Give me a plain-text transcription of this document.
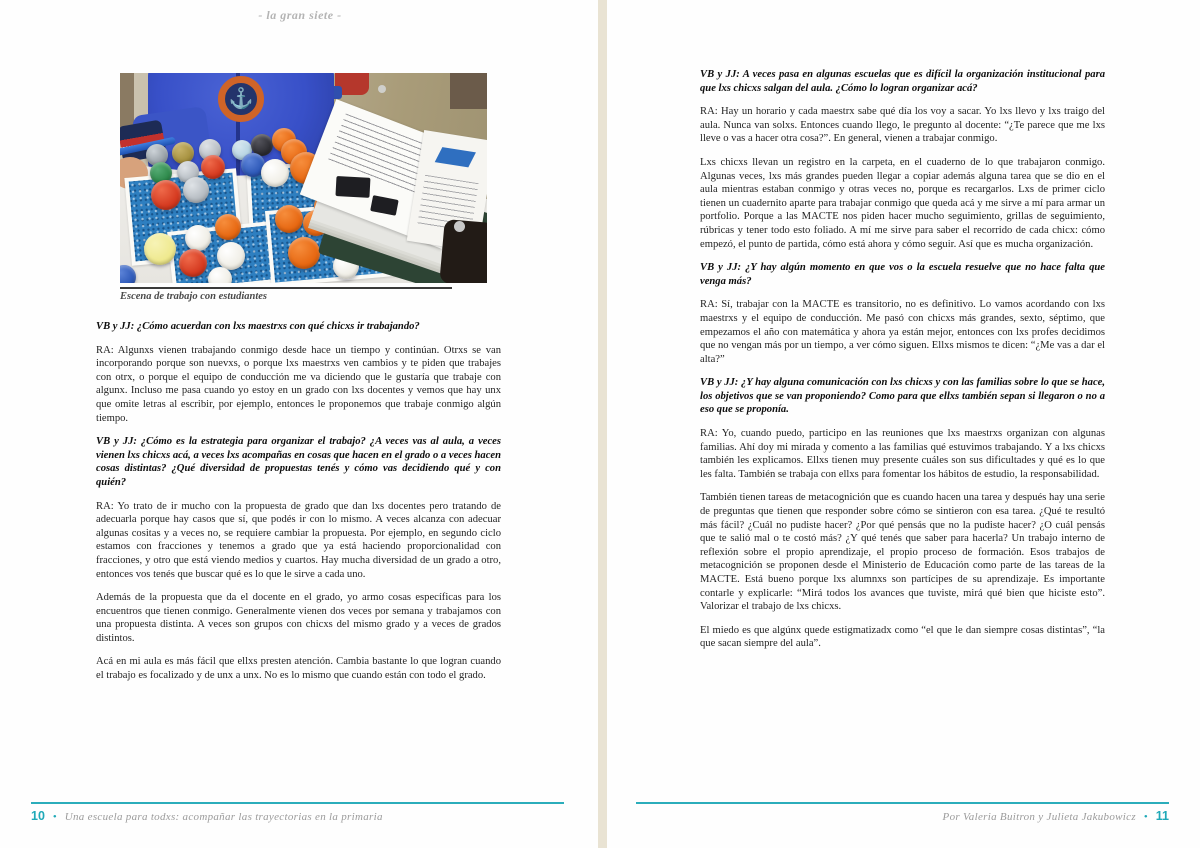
- la gran siete -
⚓
Escena de trabajo con estudiantes

VB y JJ: ¿Cómo acuerdan con lxs maestrxs con qué chicxs ir trabajando?

RA: Algunxs vienen trabajando conmigo desde hace un tiempo y continúan. Otrxs se van incorporando porque son nuevxs, o porque lxs maestrxs ven cambios y te piden que trabajes con otrx, o porque el equipo de conducción me va diciendo que le gustaría que trabaje con algunx. Incluso me pasa cuando yo estoy en un grado con lxs docentes y vemos que hay unx que omite letras al escribir, por ejemplo, entonces le proponemos que trabaje conmigo algún tiempo.

VB y JJ: ¿Cómo es la estrategia para organizar el trabajo? ¿A veces vas al aula, a veces vienen lxs chicxs acá, a veces lxs acompañas en cosas que hacen en el grado o a veces hacen cosas distintas? ¿Qué diversidad de propuestas tenés y cómo vas decidiendo qué y con quién?

RA: Yo trato de ir mucho con la propuesta de grado que dan lxs docentes pero tratando de adecuarla porque hay casos que sí, que podés ir con lo mismo. A veces alcanza con adecuar algunas cositas y a veces no, se requiere cambiar la propuesta. Por ejemplo, en segundo ciclo estamos con fracciones y tenemos a grado que ya está haciendo proporcionalidad con fracciones, y otro que está viendo medios y cuartos. Hay mucha diversidad de un grado a otro, entonces vos tenés que buscar qué es lo que le sirve a cada uno.

Además de la propuesta que da el docente en el grado, yo armo cosas específicas para los encuentros que tienen conmigo. Generalmente vienen dos veces por semana y trabajamos con una propuesta distinta. A veces son grupos con chicxs del mismo grado y a veces de grados distintos.

Acá en mi aula es más fácil que ellxs presten atención. Cambia bastante lo que logran cuando el trabajo es focalizado y de unx a unx. No es lo mismo que cuando están con todo el grado.

VB y JJ: A veces pasa en algunas escuelas que es difícil la organización institucional para que lxs chicxs salgan del aula. ¿Cómo lo logran organizar acá?

RA: Hay un horario y cada maestrx sabe qué día los voy a sacar. Yo lxs llevo y lxs traigo del aula. Nunca van solxs. Entonces cuando llego, le pregunto al docente: “¿Te parece que me lxs lleve o vas a hacer otra cosa?”. En general, vienen a trabajar conmigo.

Lxs chicxs llevan un registro en la carpeta, en el cuaderno de lo que trabajaron conmigo. Algunas veces, lxs más grandes pueden llegar a copiar además alguna tarea que se dio en el aula mientras estaban conmigo y otras veces no, porque es recargarlos. Lxs de primer ciclo tienen un cuadernito aparte para trabajar conmigo que queda acá y me sirve a mí para armar un portfolio. Porque a las MACTE nos piden hacer mucho seguimiento, grillas de seguimiento, rúbricas y tener todo esto foliado. A mí me sirve para saber el recorrido de cada chicx: cómo empezó, el punto de partida, cómo está ahora y cómo seguir. Así que es mucha organización.

VB y JJ: ¿Y hay algún momento en que vos o la escuela resuelve que no hace falta que venga más?

RA: Sí, trabajar con la MACTE es transitorio, no es definitivo. Lo vamos acordando con lxs maestrxs y el equipo de conducción. Me pasó con chicxs más grandes, sexto, séptimo, que empezamos el año con matemática y ahora ya están mejor, entonces con lxs profes decidimos que no vengan más por un tiempo, a ver cómo siguen. Ellxs mismos te dicen: “¿Me vas a dar el alta?”

VB y JJ: ¿Y hay alguna comunicación con lxs chicxs y con las familias sobre lo que se hace, los objetivos que se van proponiendo? Como para que ellxs también sepan si llegaron o no a eso que se proponía.

RA: Yo, cuando puedo, participo en las reuniones que lxs maestrxs organizan con algunas familias. Ahí doy mi mirada y comento a las familias qué estuvimos trabajando. Y a lxs chicxs también les explicamos. Ellxs tienen muy presente cuáles son sus dificultades y qué es lo que les falta. También se trabaja con ellxs para fomentar los hábitos de estudio, la responsabilidad.

También tienen tareas de metacognición que es cuando hacen una tarea y después hay una serie de preguntas que tienen que responder sobre cómo se sintieron con esa tarea. ¿Qué te resultó más fácil? ¿Cuál no pudiste hacer? ¿Por qué pensás que no la pudiste hacer? ¿O cuál pensás que te salió mal o te costó más? ¿Y qué tenés que saber para hacerla? Un trabajo interno de reflexión sobre el propio aprendizaje, el propio proceso de formación. Esos trabajos de metacognición se proponen desde el Ministerio de Educación como parte de las tareas de la MACTE. Está bueno porque lxs alumnxs son partícipes de su aprendizaje. Es importante contarle y explicarle: “Mirá todos los avances que tuviste, mirá qué bien que hiciste esto”. Valorizar el trabajo de lxs chicxs.

El miedo es que algúnx quede estigmatizadx como “el que le dan siempre cosas distintas”, “la que sacan siempre del aula”.

10 • Una escuela para todxs: acompañar las trayectorias en la primaria	Por Valeria Buitron y Julieta Jakubowicz • 11
